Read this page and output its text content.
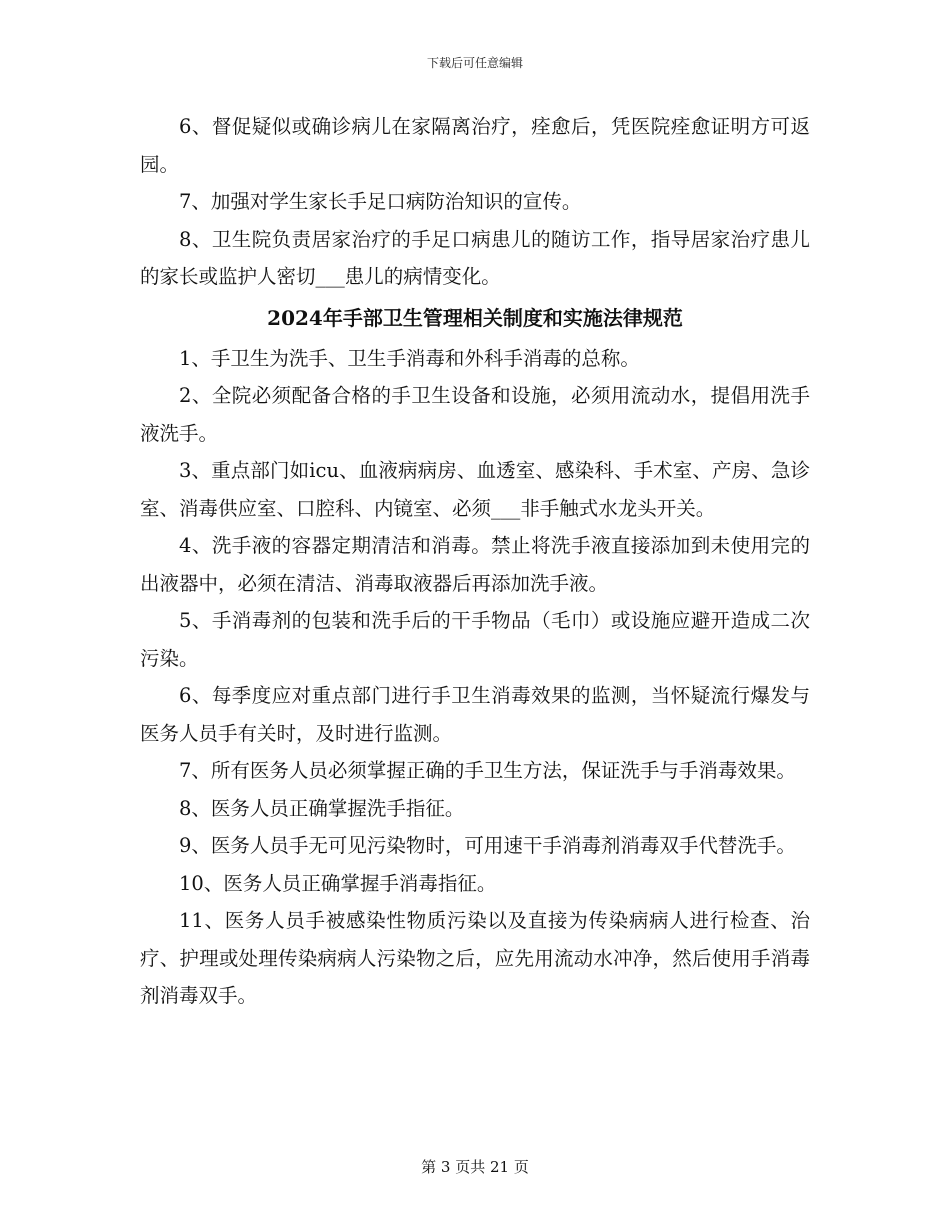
下载后可任意编辑

6、督促疑似或确诊病儿在家隔离治疗，痊愈后，凭医院痊愈证明方可返园。

7、加强对学生家长手足口病防治知识的宣传。

8、卫生院负责居家治疗的手足口病患儿的随访工作，指导居家治疗患儿的家长或监护人密切___患儿的病情变化。

2024年手部卫生管理相关制度和实施法律规范

1、手卫生为洗手、卫生手消毒和外科手消毒的总称。

2、全院必须配备合格的手卫生设备和设施，必须用流动水，提倡用洗手液洗手。

3、重点部门如icu、血液病病房、血透室、感染科、手术室、产房、急诊室、消毒供应室、口腔科、内镜室、必须___非手触式水龙头开关。

4、洗手液的容器定期清洁和消毒。禁止将洗手液直接添加到未使用完的出液器中，必须在清洁、消毒取液器后再添加洗手液。

5、手消毒剂的包装和洗手后的干手物品（毛巾）或设施应避开造成二次污染。

6、每季度应对重点部门进行手卫生消毒效果的监测，当怀疑流行爆发与医务人员手有关时，及时进行监测。

7、所有医务人员必须掌握正确的手卫生方法，保证洗手与手消毒效果。

8、医务人员正确掌握洗手指征。

9、医务人员手无可见污染物时，可用速干手消毒剂消毒双手代替洗手。

10、医务人员正确掌握手消毒指征。

11、医务人员手被感染性物质污染以及直接为传染病病人进行检查、治疗、护理或处理传染病病人污染物之后，应先用流动水冲净，然后使用手消毒剂消毒双手。

第 3 页共 21 页
